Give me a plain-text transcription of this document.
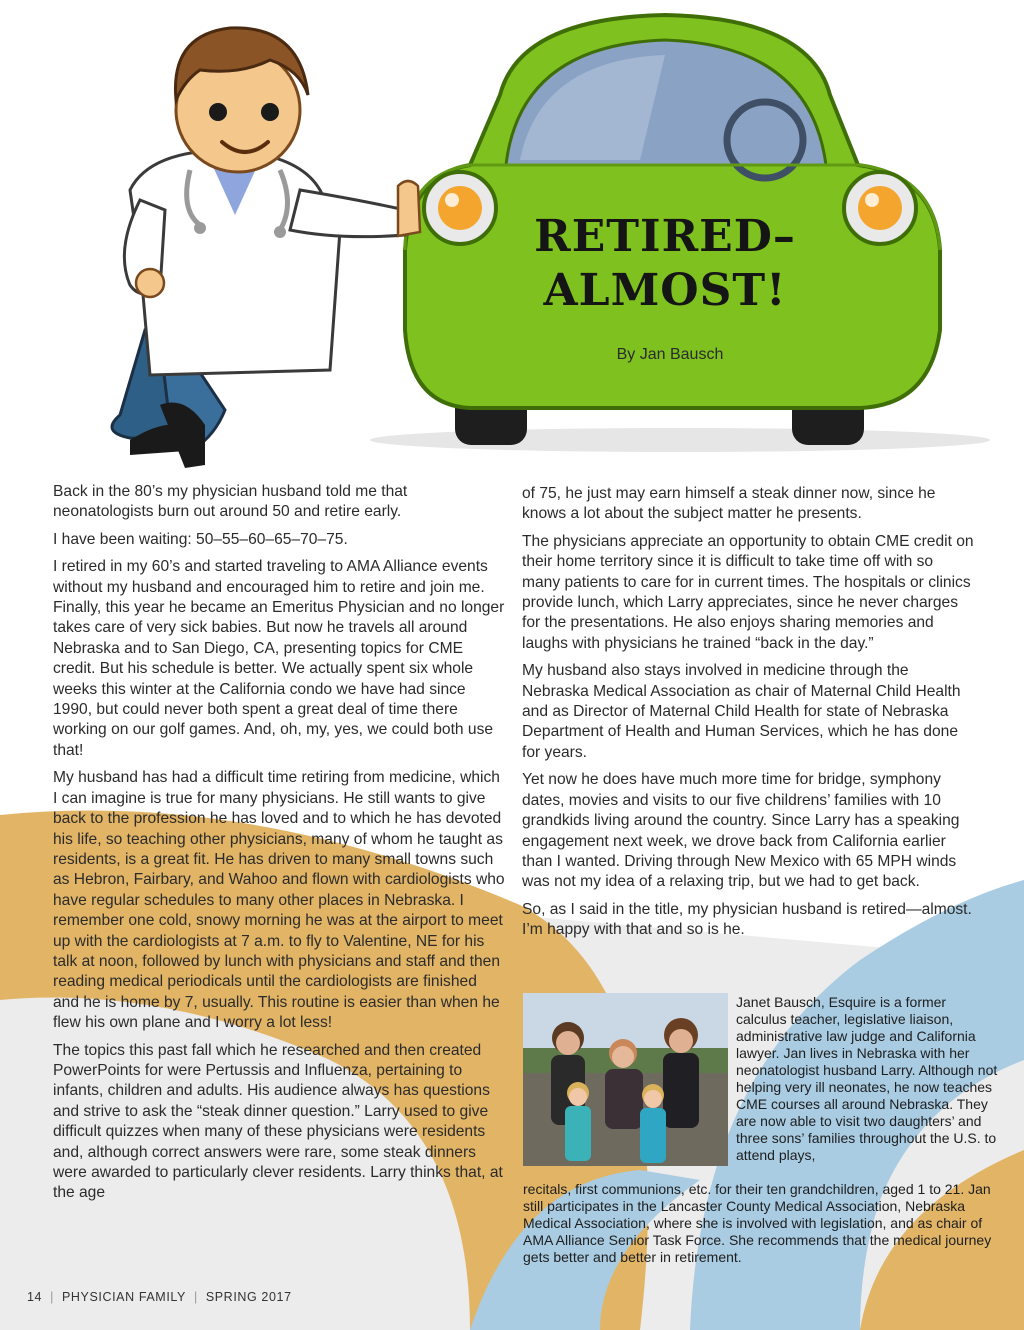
RETIRED–
ALMOST!
By Jan Bausch

Back in the 80’s my physician husband told me that neonatologists burn out around 50 and retire early.

I have been waiting: 50–55–60–65–70–75.

I retired in my 60’s and started traveling to AMA Alliance events without my husband and encouraged him to retire and join me. Finally, this year he became an Emeritus Physician and no longer takes care of very sick babies. But now he travels all around Nebraska and to San Diego, CA, presenting topics for CME credit. But his schedule is better. We actually spent six whole weeks this winter at the California condo we have had since 1990, but could never both spent a great deal of time there working on our golf games. And, oh, my, yes, we could both use that!

My husband has had a difficult time retiring from medicine, which I can imagine is true for many physicians. He still wants to give back to the profession he has loved and to which he has devoted his life, so teaching other physicians, many of whom he taught as residents, is a great fit. He has driven to many small towns such as Hebron, Fairbary, and Wahoo and flown with cardiologists who have regular schedules to many other places in Nebraska. I remember one cold, snowy morning he was at the airport to meet up with the cardiologists at 7 a.m. to fly to Valentine, NE for his talk at noon, followed by lunch with physicians and staff and then reading medical periodicals until the cardiologists are finished and he is home by 7, usually. This routine is easier than when he flew his own plane and I worry a lot less!

The topics this past fall which he researched and then created PowerPoints for were Pertussis and Influenza, pertaining to infants, children and adults. His audience always has questions and strive to ask the “steak dinner question.” Larry used to give difficult quizzes when many of these physicians were residents and, although correct answers were rare, some steak dinners were awarded to particularly clever residents. Larry thinks that, at the age

of 75, he just may earn himself a steak dinner now, since he knows a lot about the subject matter he presents.

The physicians appreciate an opportunity to obtain CME credit on their home territory since it is difficult to take time off with so many patients to care for in current times. The hospitals or clinics provide lunch, which Larry appreciates, since he never charges for the presentations. He also enjoys sharing memories and laughs with physicians he trained “back in the day.”

My husband also stays involved in medicine through the Nebraska Medical Association as chair of Maternal Child Health and as Director of Maternal Child Health for state of Nebraska Department of Health and Human Services, which he has done for years.

Yet now he does have much more time for bridge, symphony dates, movies and visits to our five childrens’ families with 10 grandkids living around the country. Since Larry has a speaking engagement next week, we drove back from California earlier than I wanted. Driving through New Mexico with 65 MPH winds was not my idea of a relaxing trip, but we had to get back.

So, as I said in the title, my physician husband is retired—almost. I’m happy with that and so is he.

Janet Bausch, Esquire is a former calculus teacher, legislative liaison, administrative law judge and California lawyer. Jan lives in Nebraska with her neonatologist husband Larry. Although not helping very ill neonates, he now teaches CME courses all around Nebraska. They are now able to visit two daughters’ and three sons’ families throughout the U.S. to attend plays,
recitals, first communions, etc. for their ten grandchildren, aged 1 to 21. Jan still participates in the Lancaster County Medical Association, Nebraska Medical Association, where she is involved with legislation, and as chair of AMA Alliance Senior Task Force. She recommends that the medical journey gets better and better in retirement.
14 | PHYSICIAN FAMILY | SPRING 2017
